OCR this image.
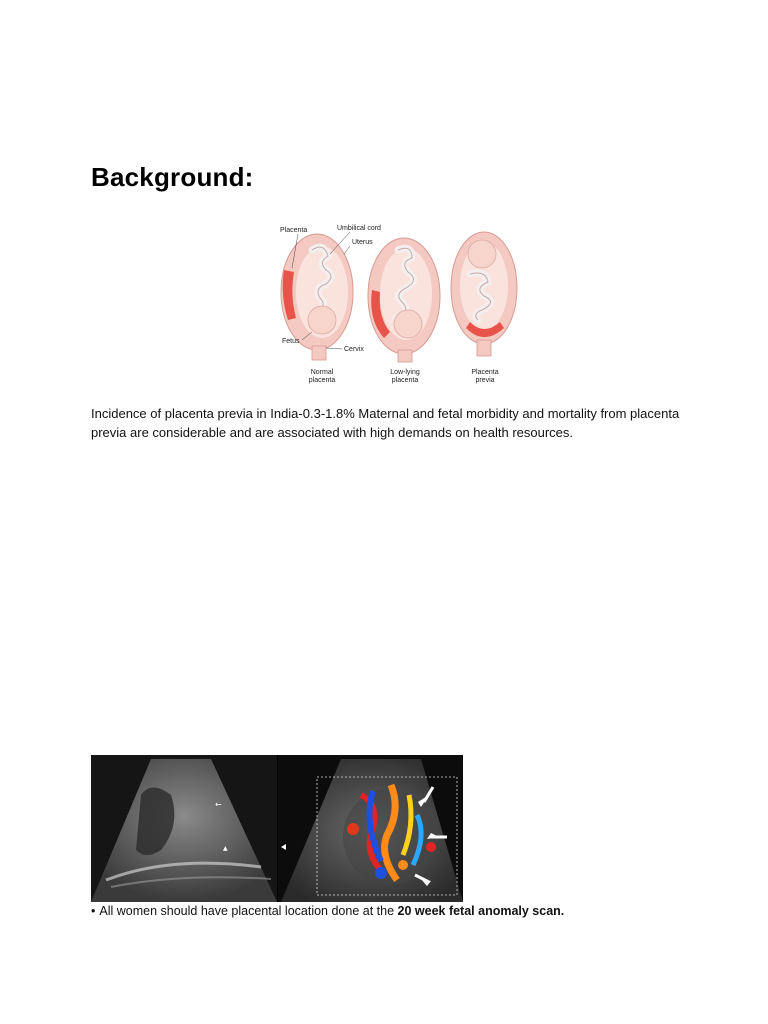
Background:
Placenta	Umbilical cord
Uterus
Fetus
Cervix
Normal
placenta
Low-lying
placenta
Placenta
previa
Incidence of placenta previa in India-0.3-1.8% Maternal and fetal morbidity and mortality from placenta previa are considerable and are associated with high demands on health resources.
←
▲
• All women should have placental location done at the 20 week fetal anomaly scan.
